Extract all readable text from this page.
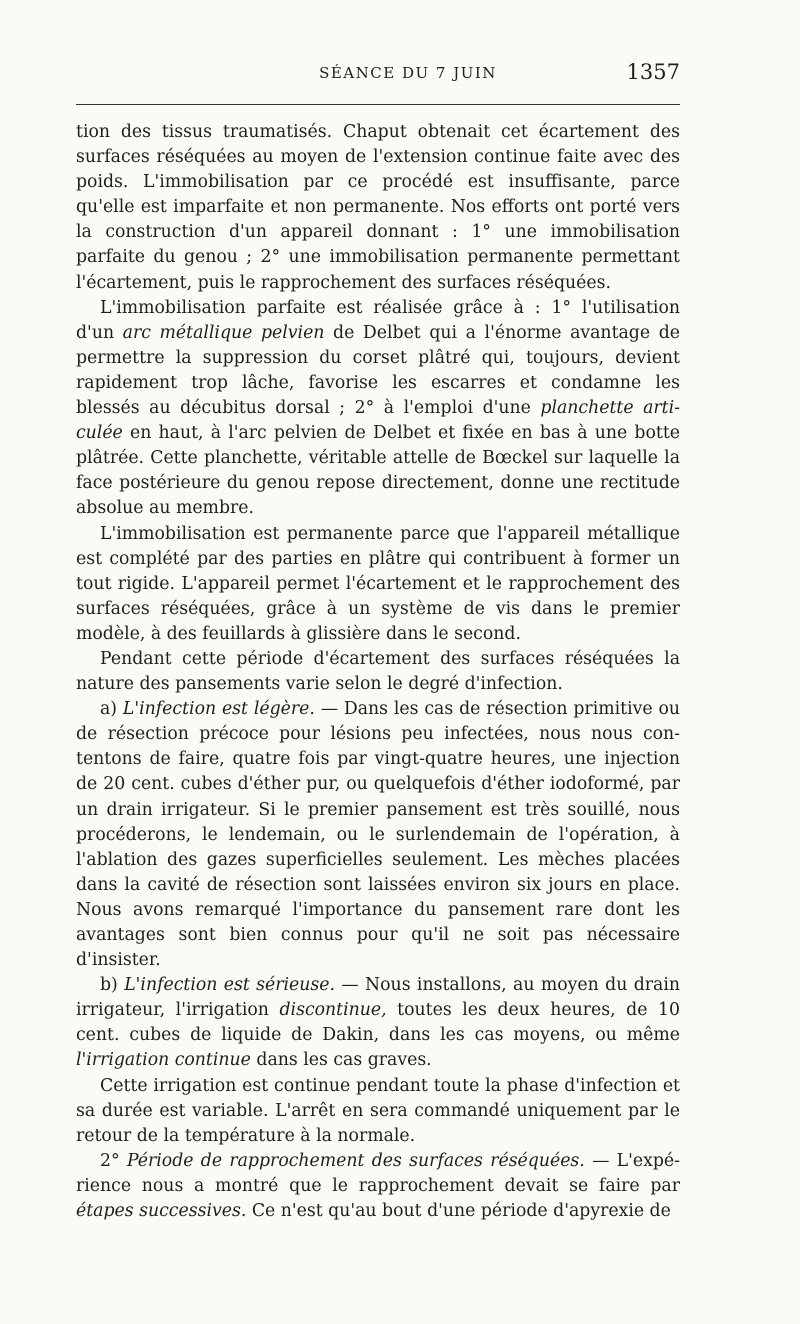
SÉANCE DU 7 JUIN	1357

tion des tissus traumatisés. Chaput obtenait cet écartement des surfaces réséquées au moyen de l'extension continue faite avec des poids. L'immobilisation par ce procédé est insuffisante, parce qu'elle est imparfaite et non permanente. Nos efforts ont porté vers la construction d'un appareil donnant : 1° une immobilisation parfaite du genou ; 2° une immobilisation permanente permettant l'écartement, puis le rapprochement des surfaces réséquées.

L'immobilisation parfaite est réalisée grâce à : 1° l'utilisation d'un arc métallique pelvien de Delbet qui a l'énorme avantage de permettre la suppression du corset plâtré qui, toujours, devient rapidement trop lâche, favorise les escarres et condamne les blessés au décubitus dorsal ; 2° à l'emploi d'une planchette articulée en haut, à l'arc pelvien de Delbet et fixée en bas à une botte plâtrée. Cette planchette, véritable attelle de Bœckel sur laquelle la face postérieure du genou repose directement, donne une rectitude absolue au membre.

L'immobilisation est permanente parce que l'appareil métallique est complété par des parties en plâtre qui contribuent à former un tout rigide. L'appareil permet l'écartement et le rapprochement des surfaces réséquées, grâce à un système de vis dans le premier modèle, à des feuillards à glissière dans le second.

Pendant cette période d'écartement des surfaces réséquées la nature des pansements varie selon le degré d'infection.

a) L'infection est légère. — Dans les cas de résection primitive ou de résection précoce pour lésions peu infectées, nous nous contentons de faire, quatre fois par vingt-quatre heures, une injection de 20 cent. cubes d'éther pur, ou quelquefois d'éther iodoformé, par un drain irrigateur. Si le premier pansement est très souillé, nous procéderons, le lendemain, ou le surlendemain de l'opération, à l'ablation des gazes superficielles seulement. Les mèches placées dans la cavité de résection sont laissées environ six jours en place. Nous avons remarqué l'importance du pansement rare dont les avantages sont bien connus pour qu'il ne soit pas nécessaire d'insister.

b) L'infection est sérieuse. — Nous installons, au moyen du drain irrigateur, l'irrigation discontinue, toutes les deux heures, de 10 cent. cubes de liquide de Dakin, dans les cas moyens, ou même l'irrigation continue dans les cas graves.

Cette irrigation est continue pendant toute la phase d'infection et sa durée est variable. L'arrêt en sera commandé uniquement par le retour de la température à la normale.

2° Période de rapprochement des surfaces réséquées. — L'expérience nous a montré que le rapprochement devait se faire par étapes successives. Ce n'est qu'au bout d'une période d'apyrexie de
